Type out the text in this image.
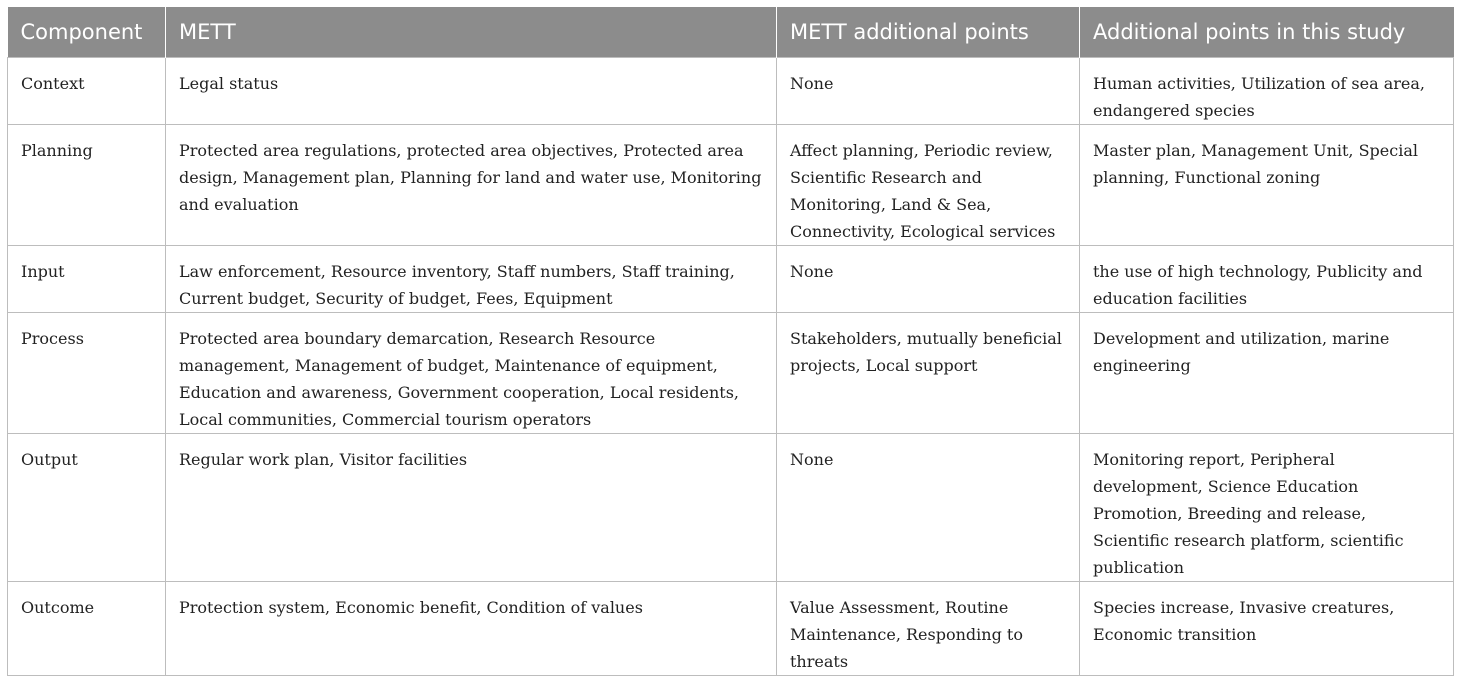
Component	METT	METT additional points	Additional points in this study
Context	Legal status	None	Human activities, Utilization of sea area, endangered species
Planning	Protected area regulations, protected area objectives, Protected area design, Management plan, Planning for land and water use, Monitoring and evaluation	Affect planning, Periodic review, Scientific Research and Monitoring, Land & Sea, Connectivity, Ecological services	Master plan, Management Unit, Special planning, Functional zoning
Input	Law enforcement, Resource inventory, Staff numbers, Staff training, Current budget, Security of budget, Fees, Equipment	None	the use of high technology, Publicity and education facilities
Process	Protected area boundary demarcation, Research Resource management, Management of budget, Maintenance of equipment, Education and awareness, Government cooperation, Local residents, Local communities, Commercial tourism operators	Stakeholders, mutually beneficial projects, Local support	Development and utilization, marine engineering
Output	Regular work plan, Visitor facilities	None	Monitoring report, Peripheral development, Science Education Promotion, Breeding and release, Scientific research platform, scientific publication
Outcome	Protection system, Economic benefit, Condition of values	Value Assessment, Routine Maintenance, Responding to threats	Species increase, Invasive creatures, Economic transition
